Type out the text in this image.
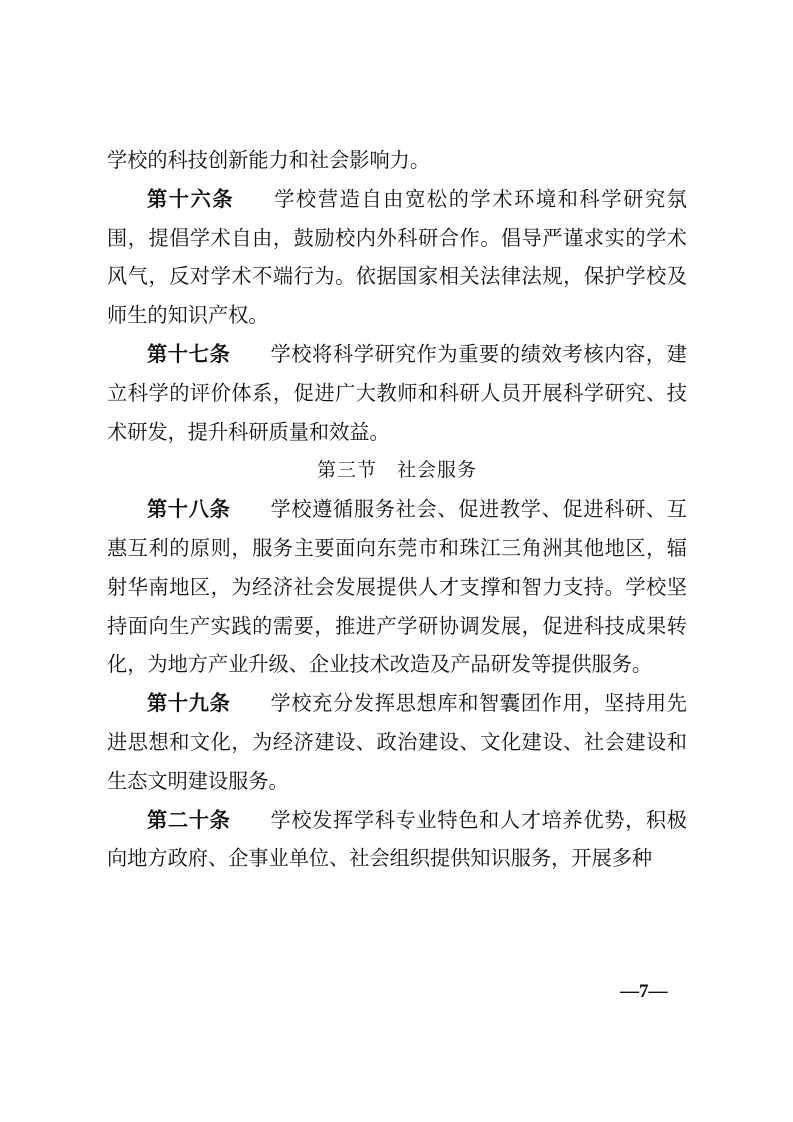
学校的科技创新能力和社会影响力。

第十六条 学校营造自由宽松的学术环境和科学研究氛围，提倡学术自由，鼓励校内外科研合作。倡导严谨求实的学术风气，反对学术不端行为。依据国家相关法律法规，保护学校及师生的知识产权。

第十七条 学校将科学研究作为重要的绩效考核内容，建立科学的评价体系，促进广大教师和科研人员开展科学研究、技术研发，提升科研质量和效益。

第三节　社会服务

第十八条 学校遵循服务社会、促进教学、促进科研、互惠互利的原则，服务主要面向东莞市和珠江三角洲其他地区，辐射华南地区，为经济社会发展提供人才支撑和智力支持。学校坚持面向生产实践的需要，推进产学研协调发展，促进科技成果转化，为地方产业升级、企业技术改造及产品研发等提供服务。

第十九条 学校充分发挥思想库和智囊团作用，坚持用先进思想和文化，为经济建设、政治建设、文化建设、社会建设和生态文明建设服务。

第二十条 学校发挥学科专业特色和人才培养优势，积极向地方政府、企事业单位、社会组织提供知识服务，开展多种

—7—
